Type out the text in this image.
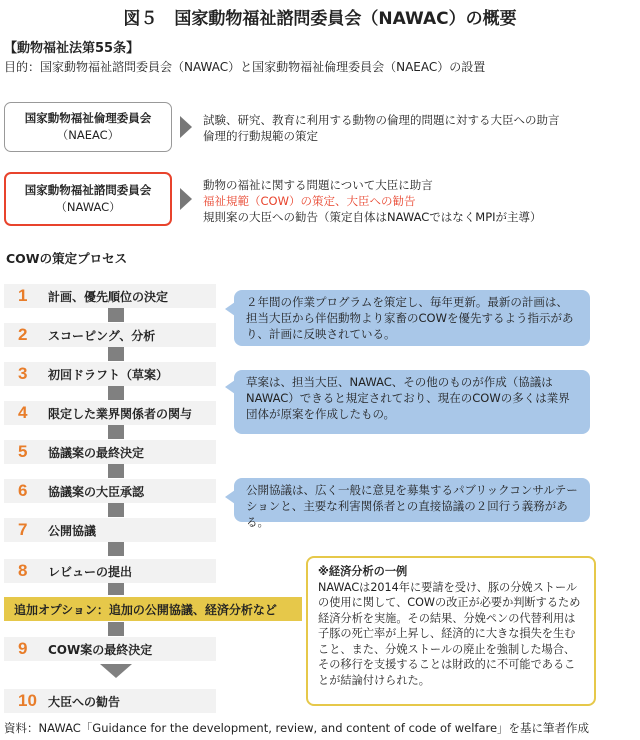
図５　国家動物福祉諮問委員会（NAWAC）の概要
【動物福祉法第55条】
目的：国家動物福祉諮問委員会（NAWAC）と国家動物福祉倫理委員会（NAEAC）の設置
国家動物福祉倫理委員会
（NAEAC）
試験、研究、教育に利用する動物の倫理的問題に対する大臣への助言
倫理的行動規範の策定
国家動物福祉諮問委員会
（NAWAC）
動物の福祉に関する問題について大臣に助言
福祉規範（COW）の策定、大臣への勧告
規則案の大臣への勧告（策定自体はNAWACではなくMPIが主導）
COWの策定プロセス
1	計画、優先順位の決定
2	スコーピング、分析
3	初回ドラフト（草案）
4	限定した業界関係者の関与
5	協議案の最終決定
6	協議案の大臣承認
7	公開協議
8	レビューの提出
追加オプション：追加の公開協議、経済分析など
9	COW案の最終決定
10 大臣への勧告
２年間の作業プログラムを策定し、毎年更新。最新の計画は、担当大臣から伴侶動物より家畜のCOWを優先するよう指示があり、計画に反映されている。
草案は、担当大臣、NAWAC、その他のものが作成（協議はNAWAC）できると規定されており、現在のCOWの多くは業界団体が原案を作成したもの。
公開協議は、広く一般に意見を募集するパブリックコンサルテーションと、主要な利害関係者との直接協議の２回行う義務がある。
※経済分析の一例
NAWACは2014年に要請を受け、豚の分娩ストールの使用に関して、COWの改正が必要か判断するため経済分析を実施。その結果、分娩ペンの代替利用は子豚の死亡率が上昇し、経済的に大きな損失を生むこと、また、分娩ストールの廃止を強制した場合、その移行を支援することは財政的に不可能であることが結論付けられた。
資料：NAWAC「Guidance for the development, review, and content of code of welfare」を基に筆者作成
